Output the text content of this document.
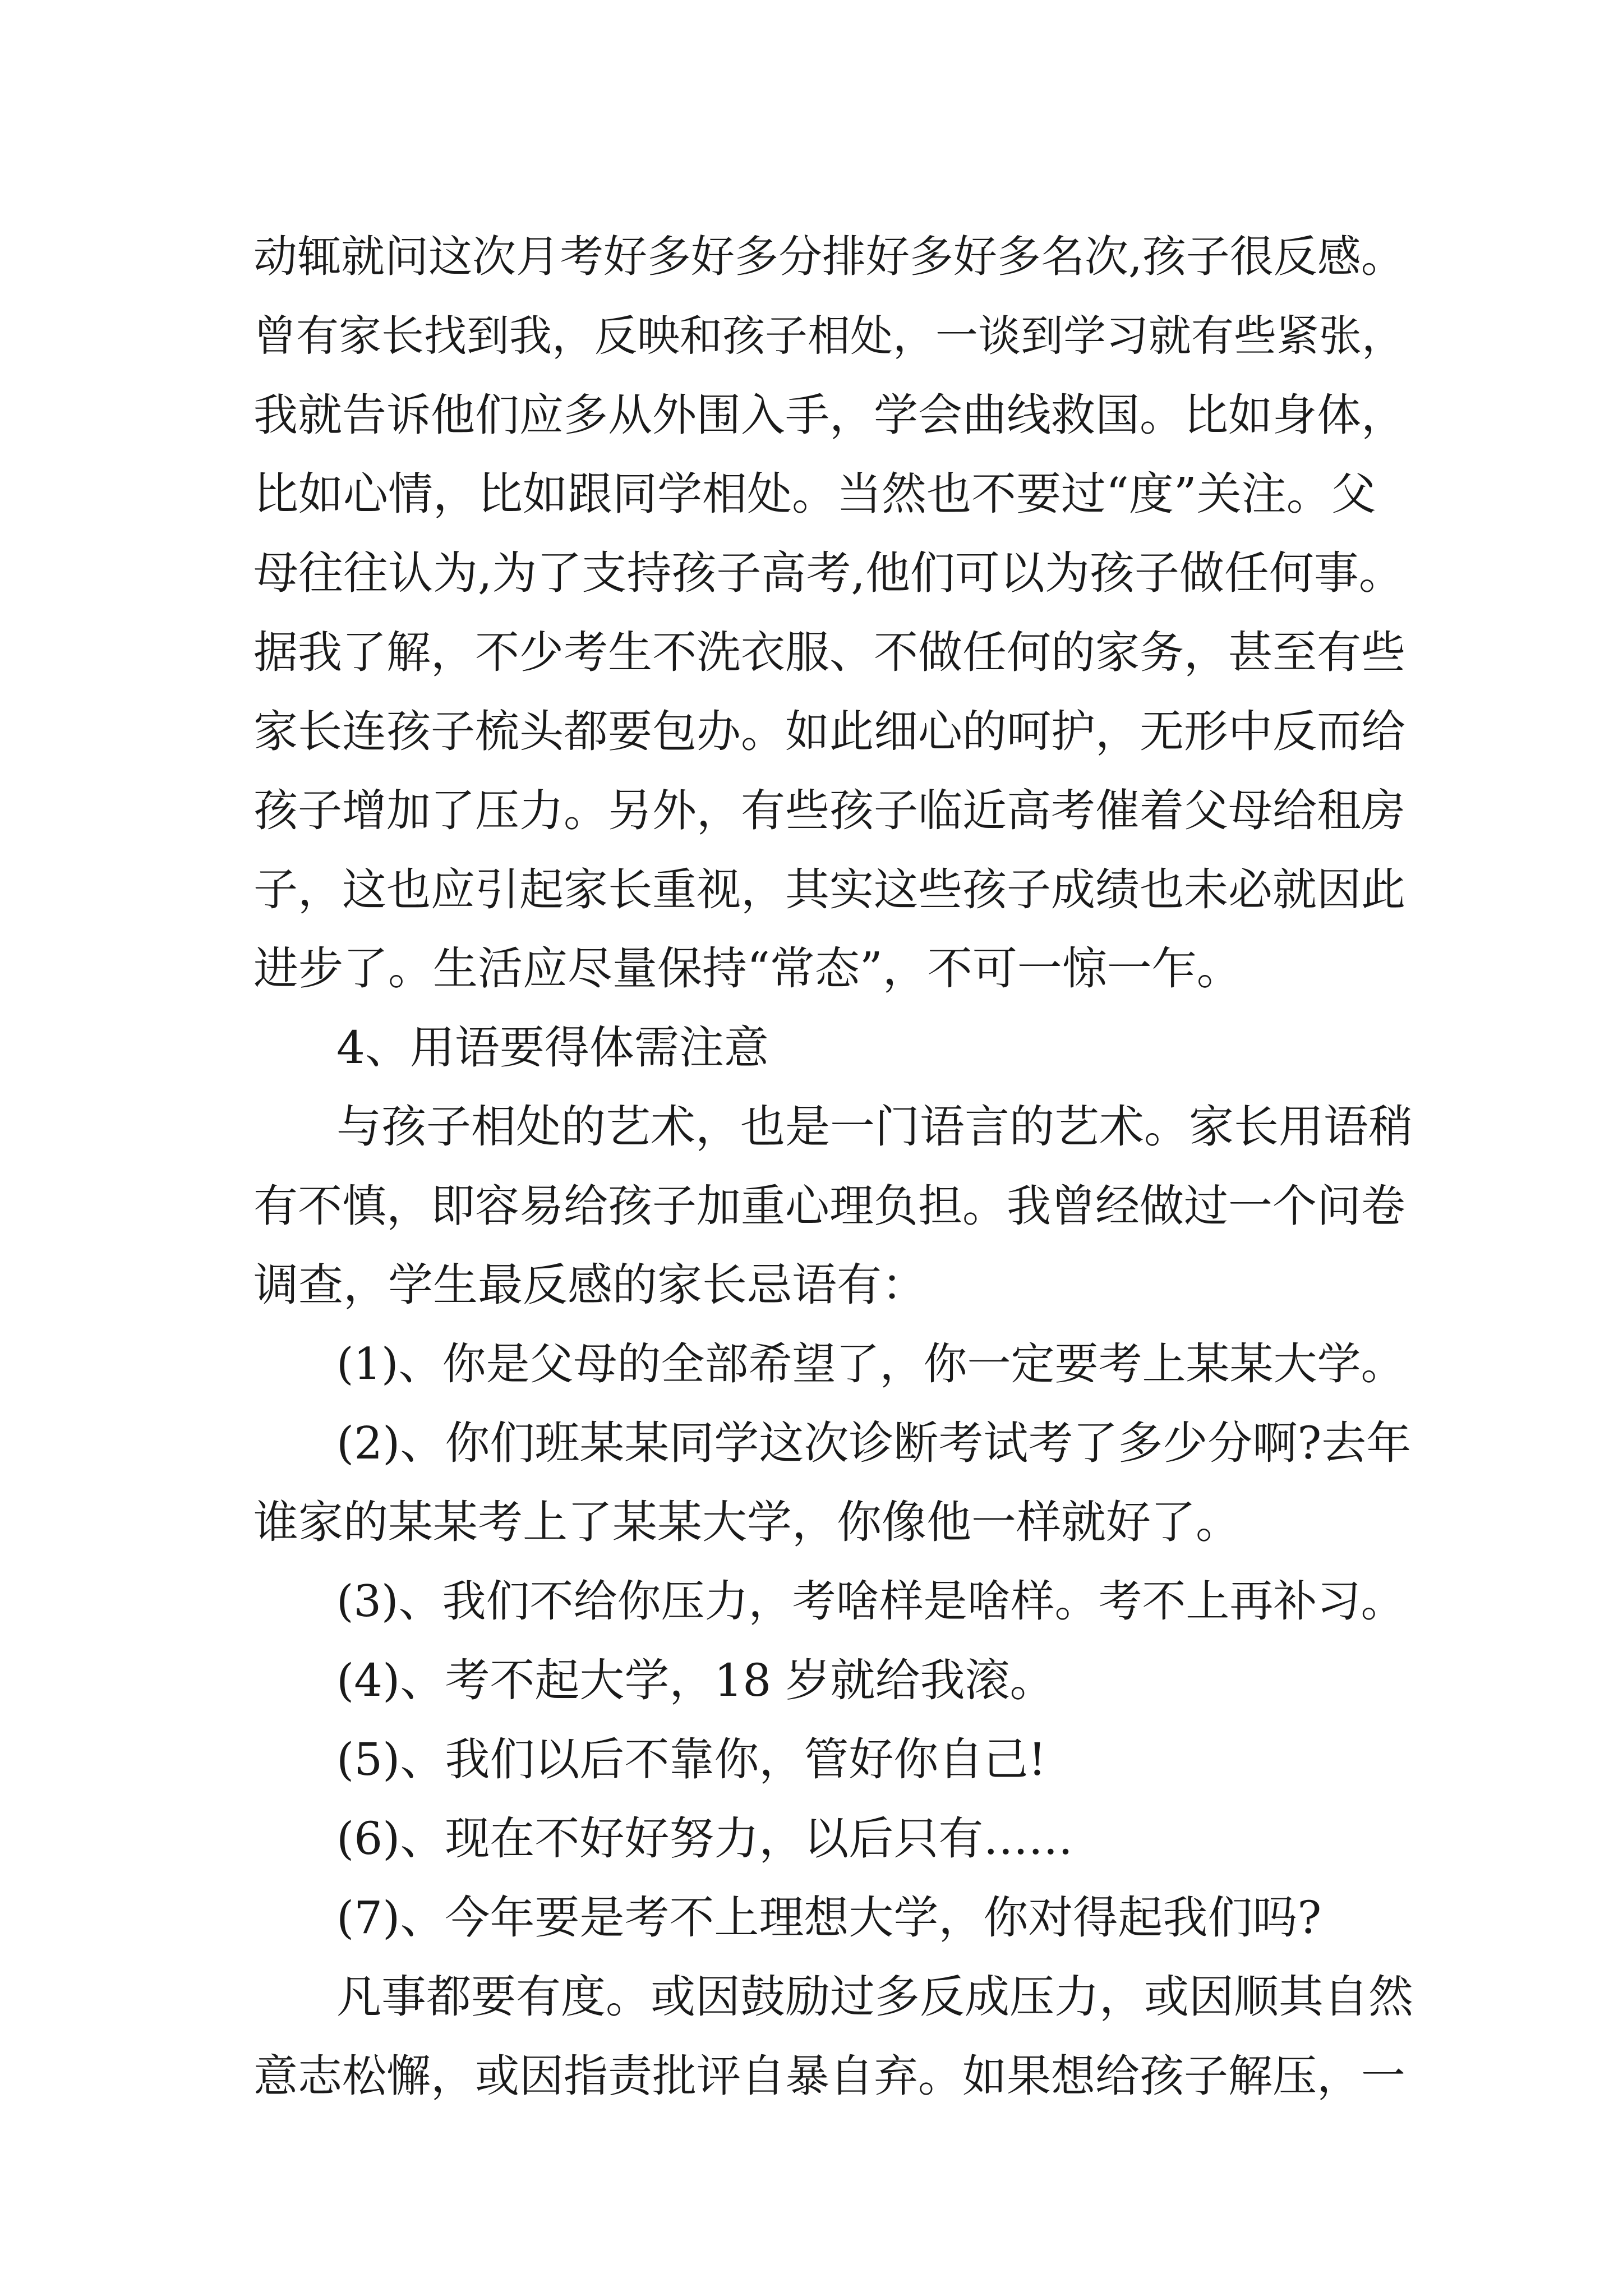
动辄就问这次月考好多好多分排好多好多名次,孩子很反感。
曾有家长找到我，反映和孩子相处，一谈到学习就有些紧张，
我就告诉他们应多从外围入手，学会曲线救国。比如身体，
比如心情，比如跟同学相处。当然也不要过“度”关注。父
母往往认为,为了支持孩子高考,他们可以为孩子做任何事。
据我了解，不少考生不洗衣服、不做任何的家务，甚至有些
家长连孩子梳头都要包办。如此细心的呵护，无形中反而给
孩子增加了压力。另外，有些孩子临近高考催着父母给租房
子，这也应引起家长重视，其实这些孩子成绩也未必就因此
进步了。生活应尽量保持“常态”，不可一惊一乍。
4、用语要得体需注意
与孩子相处的艺术，也是一门语言的艺术。家长用语稍
有不慎，即容易给孩子加重心理负担。我曾经做过一个问卷
调查，学生最反感的家长忌语有：
(1)、你是父母的全部希望了，你一定要考上某某大学。
(2)、你们班某某同学这次诊断考试考了多少分啊?去年
谁家的某某考上了某某大学，你像他一样就好了。
(3)、我们不给你压力，考啥样是啥样。考不上再补习。
(4)、考不起大学，18 岁就给我滚。
(5)、我们以后不靠你，管好你自己!
(6)、现在不好好努力，以后只有……
(7)、今年要是考不上理想大学，你对得起我们吗?
凡事都要有度。或因鼓励过多反成压力，或因顺其自然
意志松懈，或因指责批评自暴自弃。如果想给孩子解压，一
